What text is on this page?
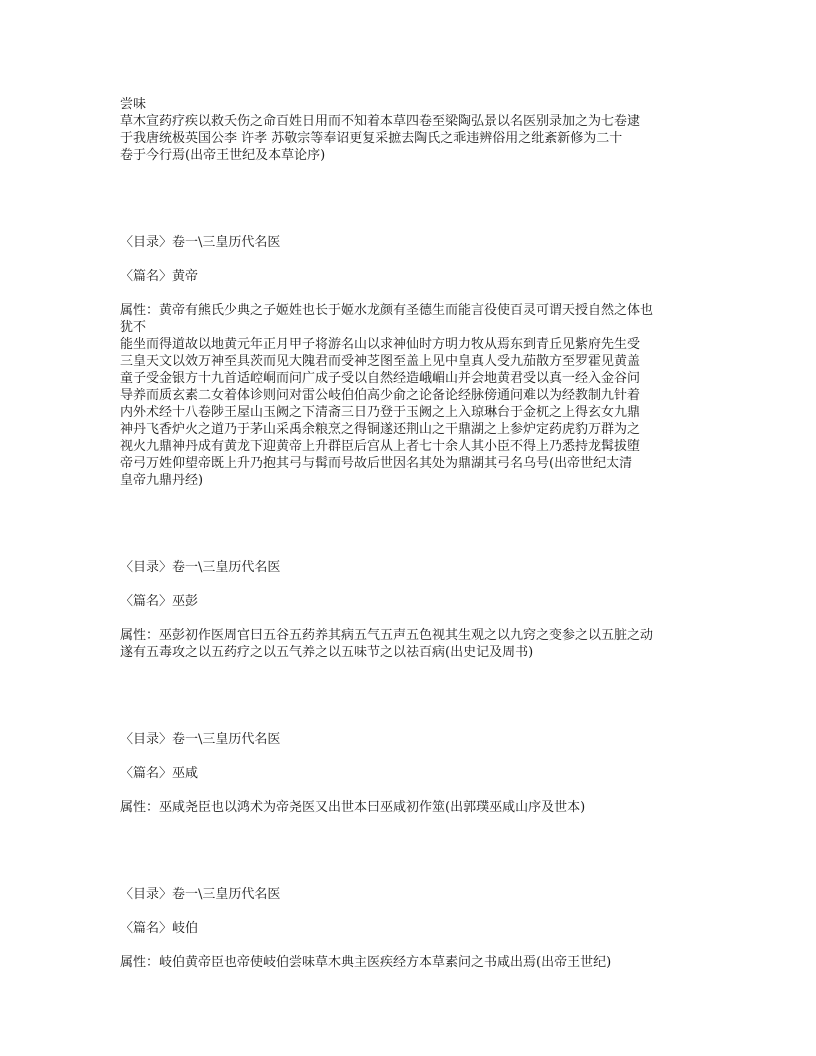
尝味
草木宣药疗疾以救夭伤之命百姓日用而不知着本草四卷至梁陶弘景以名医别录加之为七卷逮
于我唐统极英国公李 许孝 苏敬宗等奉诏更复采摭去陶氏之乖违辨俗用之纰紊新修为二十
卷于今行焉(出帝王世纪及本草论序)
〈目录〉卷一\三皇历代名医
〈篇名〉黄帝
属性：黄帝有熊氏少典之子姬姓也长于姬水龙颜有圣德生而能言役使百灵可谓天授自然之体也
犹不
能坐而得道故以地黄元年正月甲子将游名山以求神仙时方明力牧从焉东到青丘见紫府先生受
三皇天文以效万神至具茨而见大隗君而受神芝图至盖上见中皇真人受九茄散方至罗霍见黄盖
童子受金银方十九首适崆峒而问广成子受以自然经造峨嵋山并会地黄君受以真一经入金谷问
导养而质玄素二女着体诊则问对雷公岐伯伯高少俞之论备论经脉傍通问难以为经教制九针着
内外术经十八卷陟王屋山玉阙之下清斋三日乃登于玉阙之上入琼琳台于金杌之上得玄女九鼎
神丹飞香炉火之道乃于茅山采禹余粮烹之得铜遂还荆山之干鼎湖之上参炉定药虎豹万群为之
视火九鼎神丹成有黄龙下迎黄帝上升群臣后宫从上者七十余人其小臣不得上乃悉持龙髯拔堕
帝弓万姓仰望帝既上升乃抱其弓与髯而号故后世因名其处为鼎湖其弓名乌号(出帝世纪太清
皇帝九鼎丹经)
〈目录〉卷一\三皇历代名医
〈篇名〉巫彭
属性：巫彭初作医周官曰五谷五药养其病五气五声五色视其生观之以九窍之变参之以五脏之动
遂有五毒攻之以五药疗之以五气养之以五味节之以祛百病(出史记及周书)
〈目录〉卷一\三皇历代名医
〈篇名〉巫咸
属性：巫咸尧臣也以鸿术为帝尧医又出世本曰巫咸初作筮(出郭璞巫咸山序及世本)
〈目录〉卷一\三皇历代名医
〈篇名〉岐伯
属性：岐伯黄帝臣也帝使岐伯尝味草木典主医疾经方本草素问之书咸出焉(出帝王世纪)
